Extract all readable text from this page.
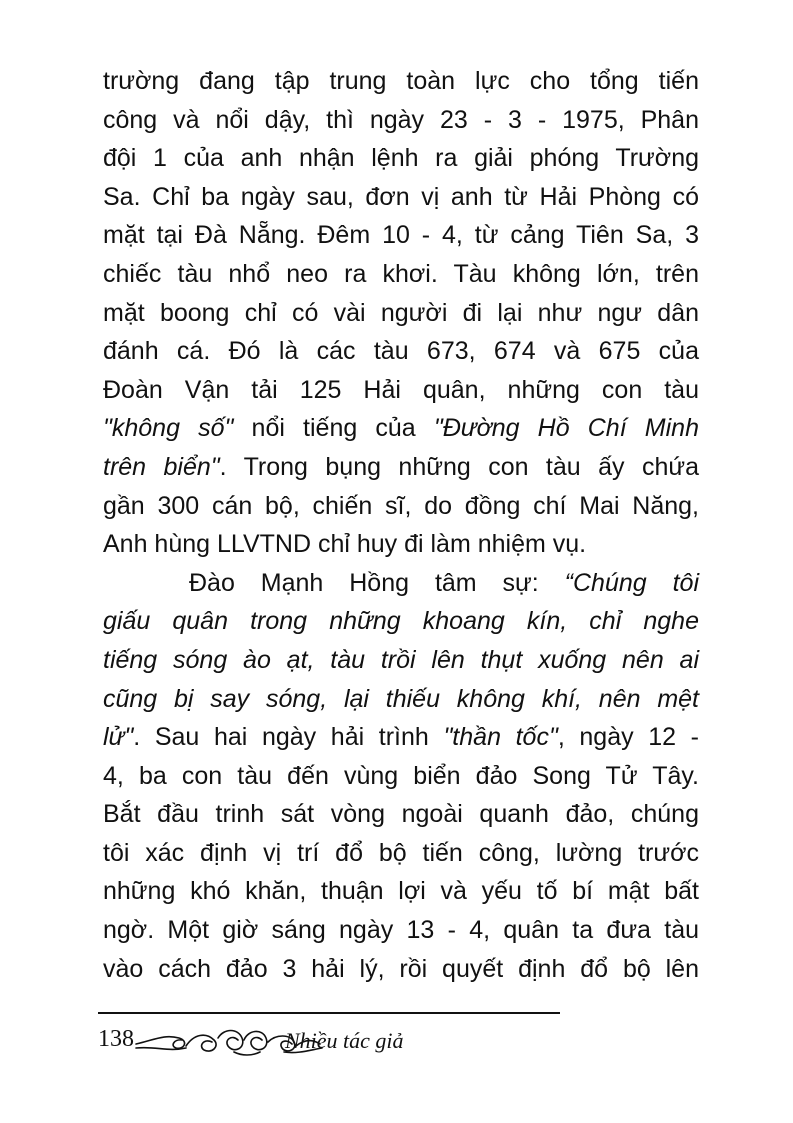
trường đang tập trung toàn lực cho tổng tiến
công và nổi dậy, thì ngày 23 - 3 - 1975, Phân
đội 1 của anh nhận lệnh ra giải phóng Trường
Sa. Chỉ ba ngày sau, đơn vị anh từ Hải Phòng có
mặt tại Đà Nẵng. Đêm 10 - 4, từ cảng Tiên Sa, 3
chiếc tàu nhổ neo ra khơi. Tàu không lớn, trên
mặt boong chỉ có vài người đi lại như ngư dân
đánh cá. Đó là các tàu 673, 674 và 675 của
Đoàn Vận tải 125 Hải quân, những con tàu
"không số" nổi tiếng của "Đường Hồ Chí Minh
trên biển". Trong bụng những con tàu ấy chứa
gần 300 cán bộ, chiến sĩ, do đồng chí Mai Năng,
Anh hùng LLVTND chỉ huy đi làm nhiệm vụ.
Đào Mạnh Hồng tâm sự: “Chúng tôi
giấu quân trong những khoang kín, chỉ nghe
tiếng sóng ào ạt, tàu trồi lên thụt xuống nên ai
cũng bị say sóng, lại thiếu không khí, nên mệt
lử". Sau hai ngày hải trình "thần tốc", ngày 12 -
4, ba con tàu đến vùng biển đảo Song Tử Tây.
Bắt đầu trinh sát vòng ngoài quanh đảo, chúng
tôi xác định vị trí đổ bộ tiến công, lường trước
những khó khăn, thuận lợi và yếu tố bí mật bất
ngờ. Một giờ sáng ngày 13 - 4, quân ta đưa tàu
vào cách đảo 3 hải lý, rồi quyết định đổ bộ lên
138	Nhiều tác giả
